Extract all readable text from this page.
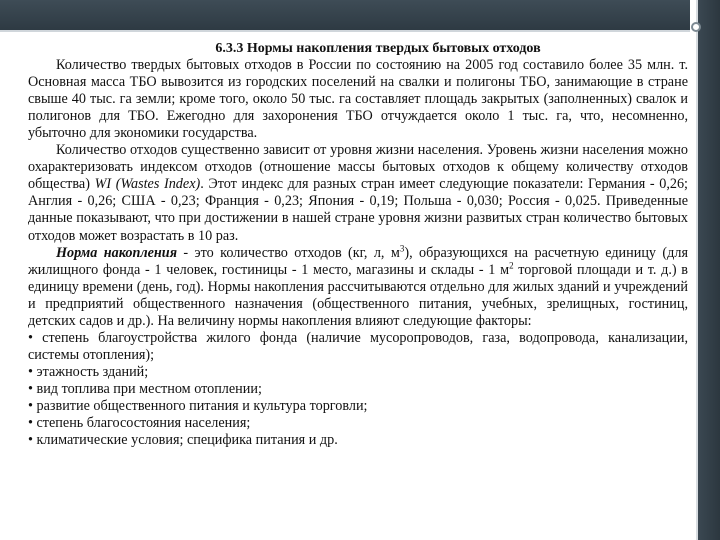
6.3.3 Нормы накопления твердых бытовых отходов

Количество твердых бытовых отходов в России по состоянию на 2005 год составило более 35 млн. т. Основная масса ТБО вывозится из городских поселений на свалки и полигоны ТБО, занимающие в стране свыше 40 тыс. га земли; кроме того, около 50 тыс. га составляет площадь закрытых (заполненных) свалок и полигонов для ТБО. Ежегодно для захоронения ТБО отчуждается около 1 тыс. га, что, несомненно, убыточно для экономики государства.

Количество отходов существенно зависит от уровня жизни населения. Уровень жизни населения можно охарактеризовать индексом отходов (отношение массы бытовых отходов к общему количеству отходов общества) WI (Wastes Index). Этот индекс для разных стран имеет следующие показатели: Германия - 0,26; Англия - 0,26; США - 0,23; Франция - 0,23; Япония - 0,19; Польша - 0,030; Россия - 0,025. Приведенные данные показывают, что при достижении в нашей стране уровня жизни развитых стран количество бытовых отходов может возрастать в 10 раз.

Норма накопления - это количество отходов (кг, л, $м^3$), образующихся на расчетную единицу (для жилищного фонда - 1 человек, гостиницы - 1 место, магазины и склады - 1 $м^2$ торговой площади и т. д.) в единицу времени (день, год). Нормы накопления рассчитываются отдельно для жилых зданий и учреждений и предприятий общественного назначения (общественного питания, учебных, зрелищных, гостиниц, детских садов и др.). На величину нормы накопления влияют следующие факторы:

• степень благоустройства жилого фонда (наличие мусоропроводов, газа, водопровода, канализации, системы отопления);
• этажность зданий;
• вид топлива при местном отоплении;
• развитие общественного питания и культура торговли;
• степень благосостояния населения;
• климатические условия; специфика питания и др.
